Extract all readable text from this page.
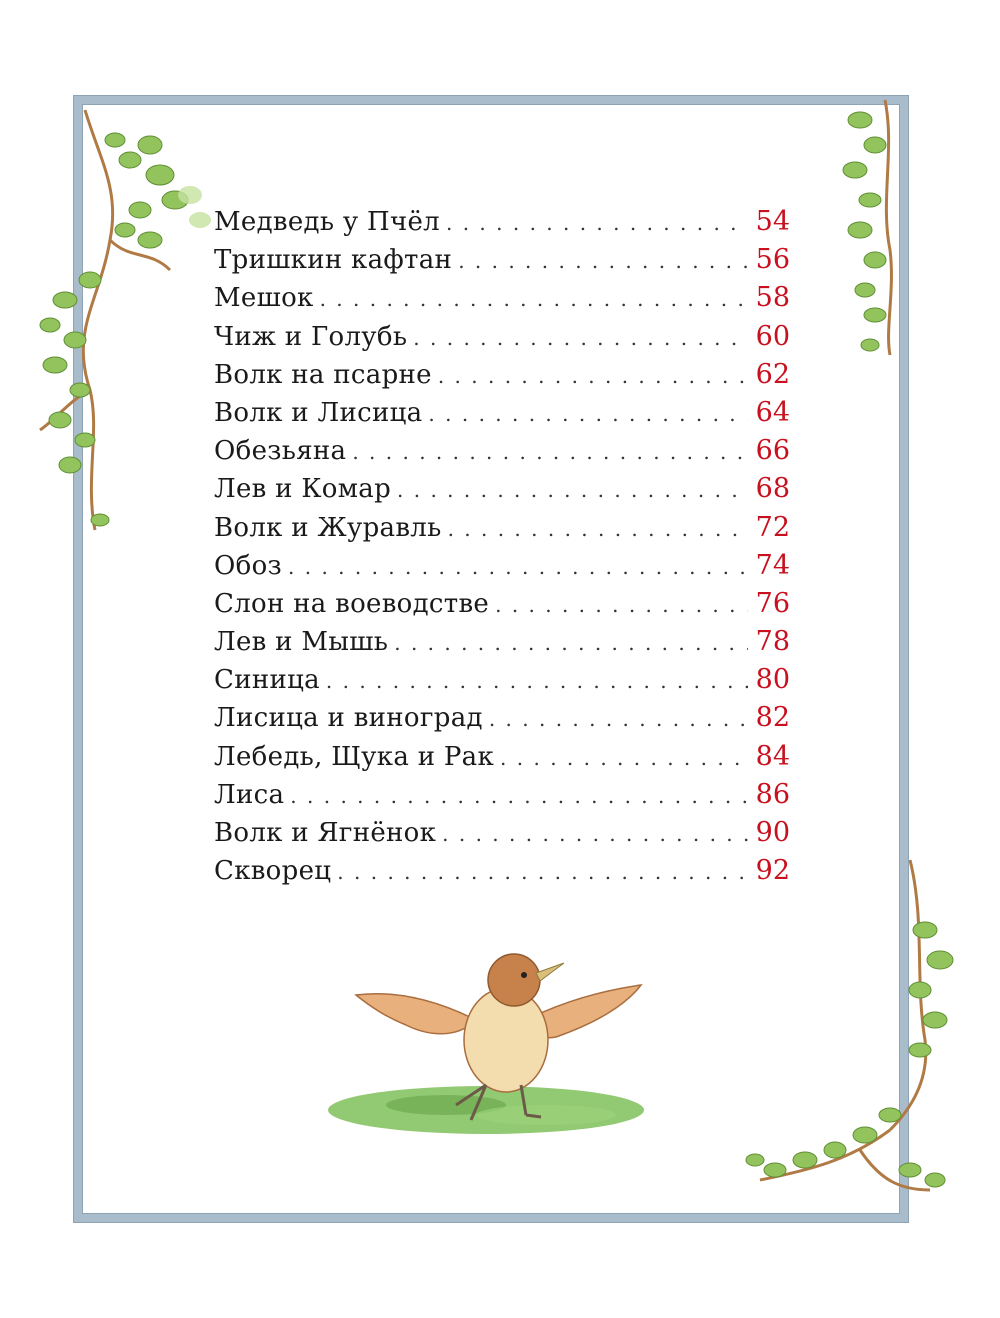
Медведь у Пчёл . . .	54
Тришкин кафтан . . .	56
Мешок . . .	58
Чиж и Голубь . . .	60
Волк на псарне . . .	62
Волк и Лисица . . .	64
Обезьяна . . .	66
Лев и Комар . . .	68
Волк и Журавль . . .	72
Обоз . . .	74
Слон на воеводстве . . .	76
Лев и Мышь . . .	78
Синица . . .	80
Лисица и виноград . . .	82
Лебедь, Щука и Рак . . .	84
Лиса . . .	86
Волк и Ягнёнок . . .	90
Скворец . . .	92
